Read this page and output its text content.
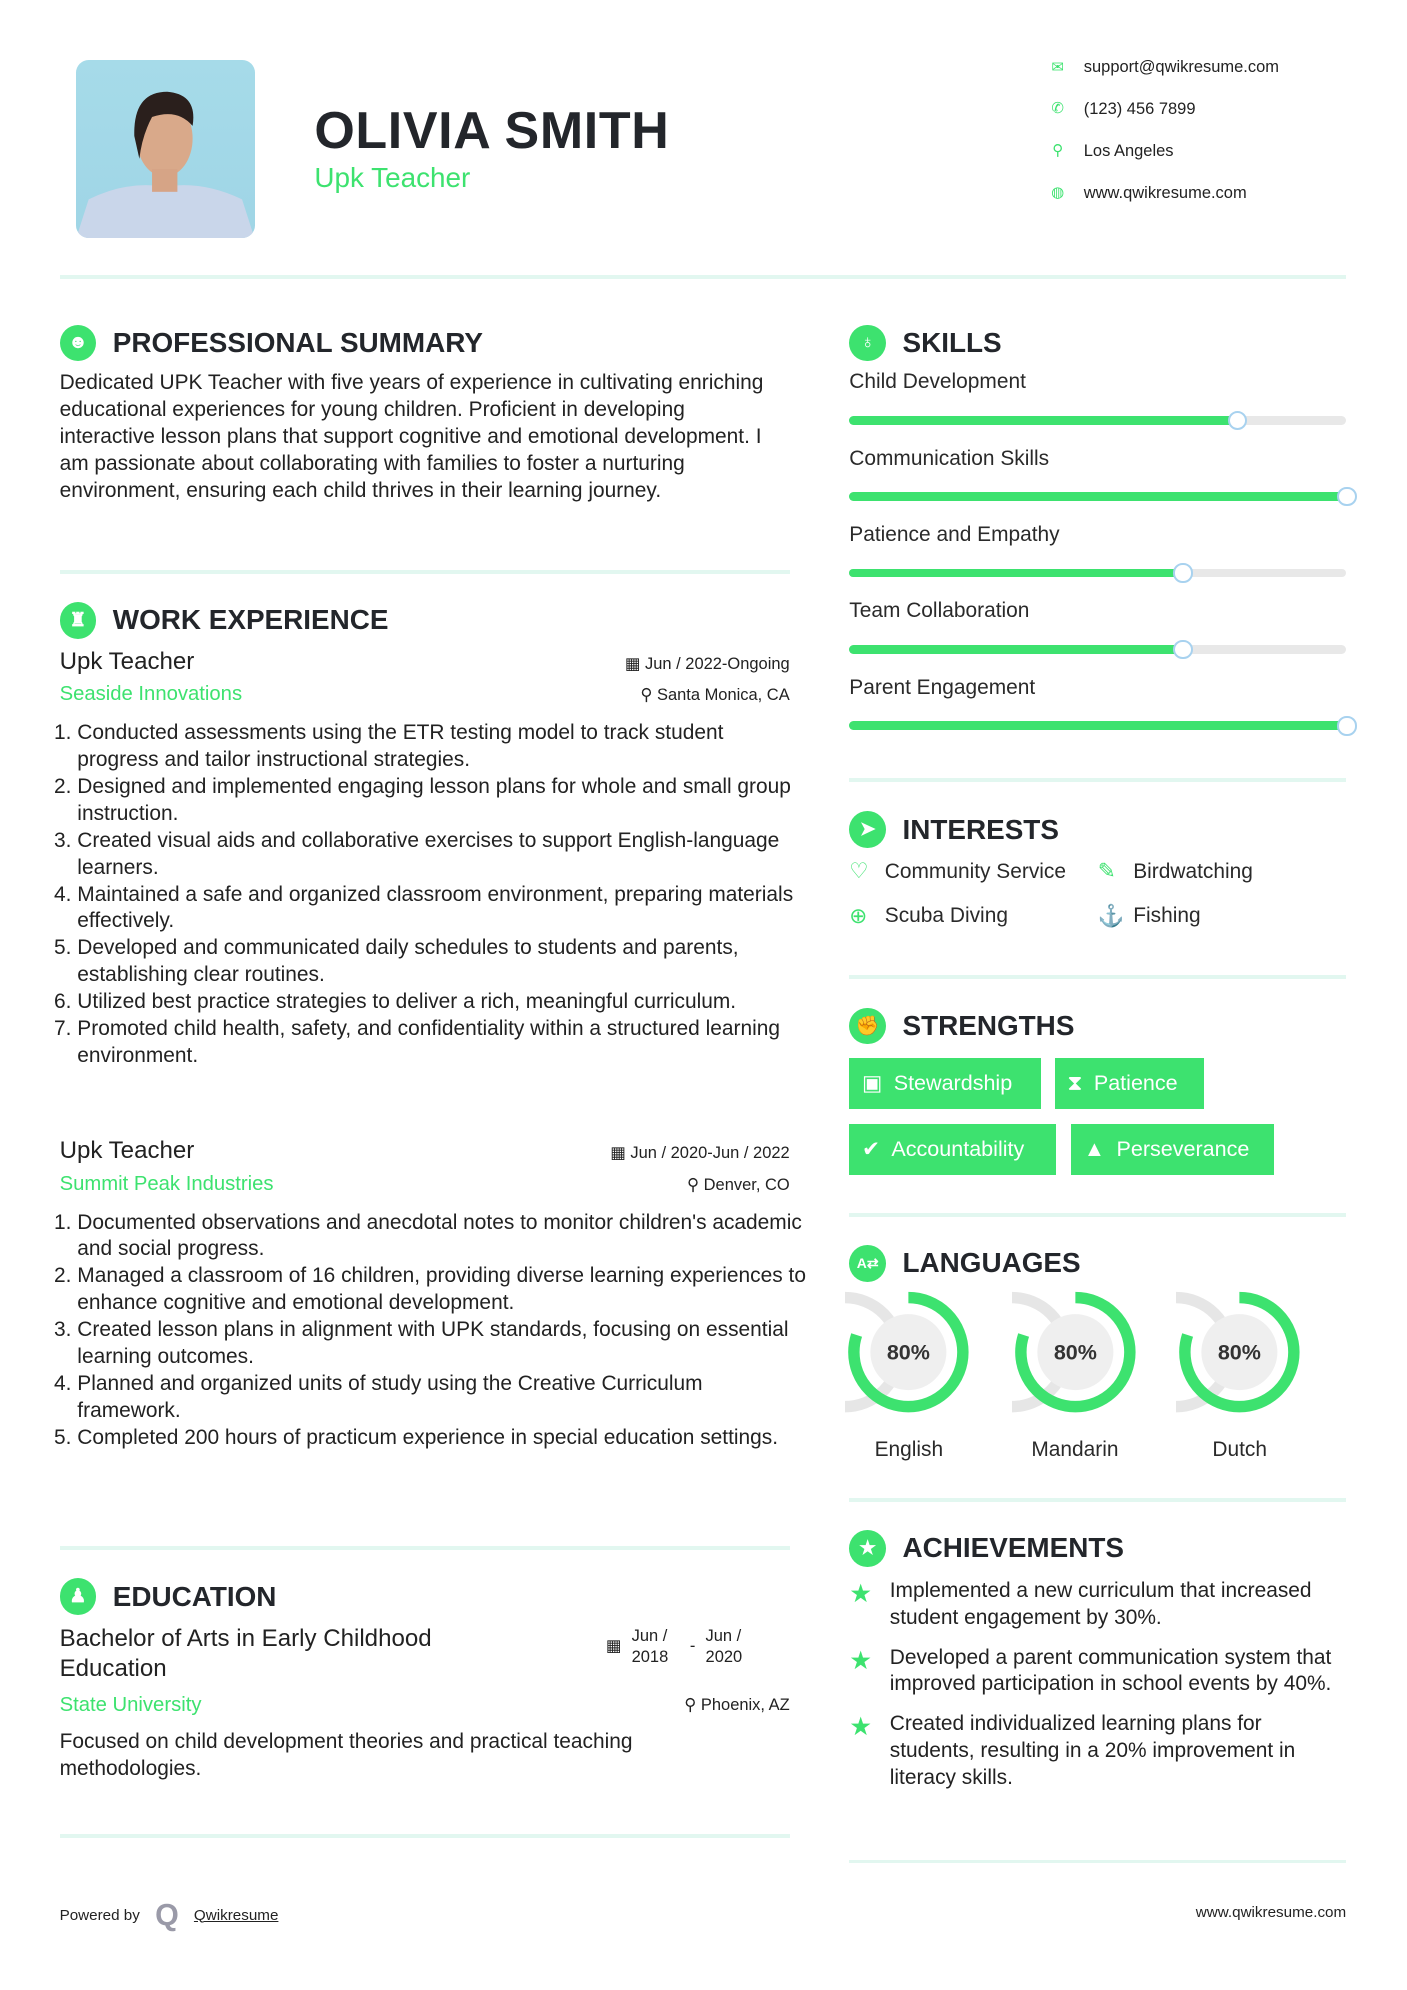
OLIVIA SMITH
Upk Teacher
☻	PROFESSIONAL SUMMARY
Dedicated UPK Teacher with five years of experience in cultivating enriching educational experiences for young children. Proficient in developing interactive lesson plans that support cognitive and emotional development. I am passionate about collaborating with families to foster a nurturing environment, ensuring each child thrives in their learning journey.
♜	WORK EXPERIENCE
Upk Teacher	▦ Jun / 2022-Ongoing
Seaside Innovations	⚲ Santa Monica, CA
1. Conducted assessments using the ETR testing model to track student progress and tailor instructional strategies.
2. Designed and implemented engaging lesson plans for whole and small group instruction.
3. Created visual aids and collaborative exercises to support English-language learners.
4. Maintained a safe and organized classroom environment, preparing materials effectively.
5. Developed and communicated daily schedules to students and parents, establishing clear routines.
6. Utilized best practice strategies to deliver a rich, meaningful curriculum.
7. Promoted child health, safety, and confidentiality within a structured learning environment.
Upk Teacher	▦ Jun / 2020-Jun / 2022
Summit Peak Industries	⚲ Denver, CO
1. Documented observations and anecdotal notes to monitor children's academic and social progress.
2. Managed a classroom of 16 children, providing diverse learning experiences to enhance cognitive and emotional development.
3. Created lesson plans in alignment with UPK standards, focusing on essential learning outcomes.
4. Planned and organized units of study using the Creative Curriculum framework.
5. Completed 200 hours of practicum experience in special education settings.
♟	EDUCATION
Bachelor of Arts in Early Childhood Education
▦
Jun / 2018
-
Jun / 2020
State University	⚲ Phoenix, AZ
Focused on child development theories and practical teaching methodologies.
♁	SKILLS
Child Development
Communication Skills
Patience and Empathy
Team Collaboration
Parent Engagement
➤	INTERESTS
✊ STRENGTHS
A⇄	LANGUAGES
★	ACHIEVEMENTS
★ Implemented a new curriculum that increased student engagement by 30%.
★ Developed a parent communication system that improved participation in school events by 40%.
★ Created individualized learning plans for students, resulting in a 20% improvement in literacy skills.
Powered by Q Qwikresume	www.qwikresume.com
✉ support@qwikresume.com
✆ (123) 456 7899
⚲ Los Angeles
◍ www.qwikresume.com
♡ Community Service ✎	Birdwatching
⊕	Scuba Diving	⚓ Fishing
▣ Stewardship	⧗ Patience
✔ Accountability	▲ Perseverance
80%
English
80%
Mandarin
80%
Dutch
